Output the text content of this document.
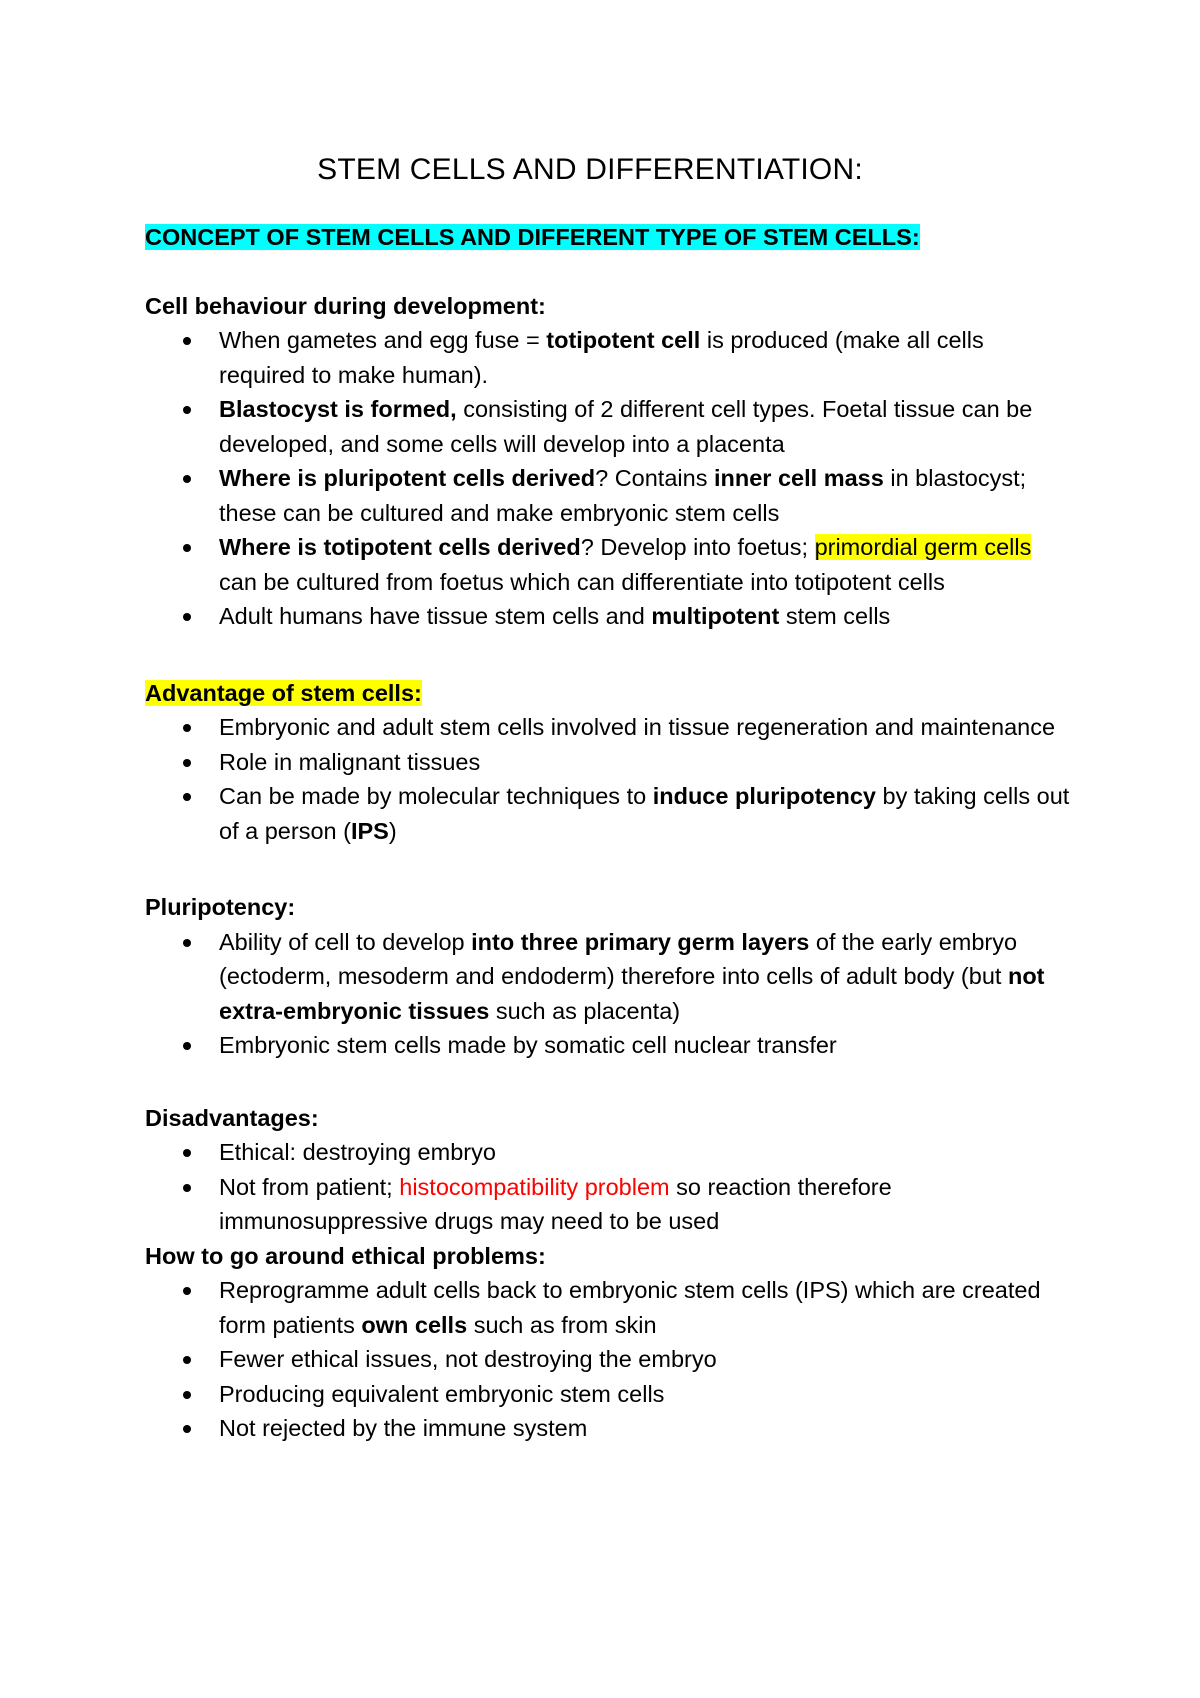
STEM CELLS AND DIFFERENTIATION:

CONCEPT OF STEM CELLS AND DIFFERENT TYPE OF STEM CELLS:

Cell behaviour during development:

When gametes and egg fuse = totipotent cell is produced (make all cells required to make human).
Blastocyst is formed, consisting of 2 different cell types. Foetal tissue can be developed, and some cells will develop into a placenta
Where is pluripotent cells derived? Contains inner cell mass in blastocyst; these can be cultured and make embryonic stem cells
Where is totipotent cells derived? Develop into foetus; primordial germ cells can be cultured from foetus which can differentiate into totipotent cells
Adult humans have tissue stem cells and multipotent stem cells

Advantage of stem cells:

Embryonic and adult stem cells involved in tissue regeneration and maintenance
Role in malignant tissues
Can be made by molecular techniques to induce pluripotency by taking cells out of a person (IPS)

Pluripotency:

Ability of cell to develop into three primary germ layers of the early embryo (ectoderm, mesoderm and endoderm) therefore into cells of adult body (but not extra-embryonic tissues such as placenta)
Embryonic stem cells made by somatic cell nuclear transfer

Disadvantages:

Ethical: destroying embryo
Not from patient; histocompatibility problem so reaction therefore immunosuppressive drugs may need to be used

How to go around ethical problems:

Reprogramme adult cells back to embryonic stem cells (IPS) which are created form patients own cells such as from skin
Fewer ethical issues, not destroying the embryo
Producing equivalent embryonic stem cells
Not rejected by the immune system
